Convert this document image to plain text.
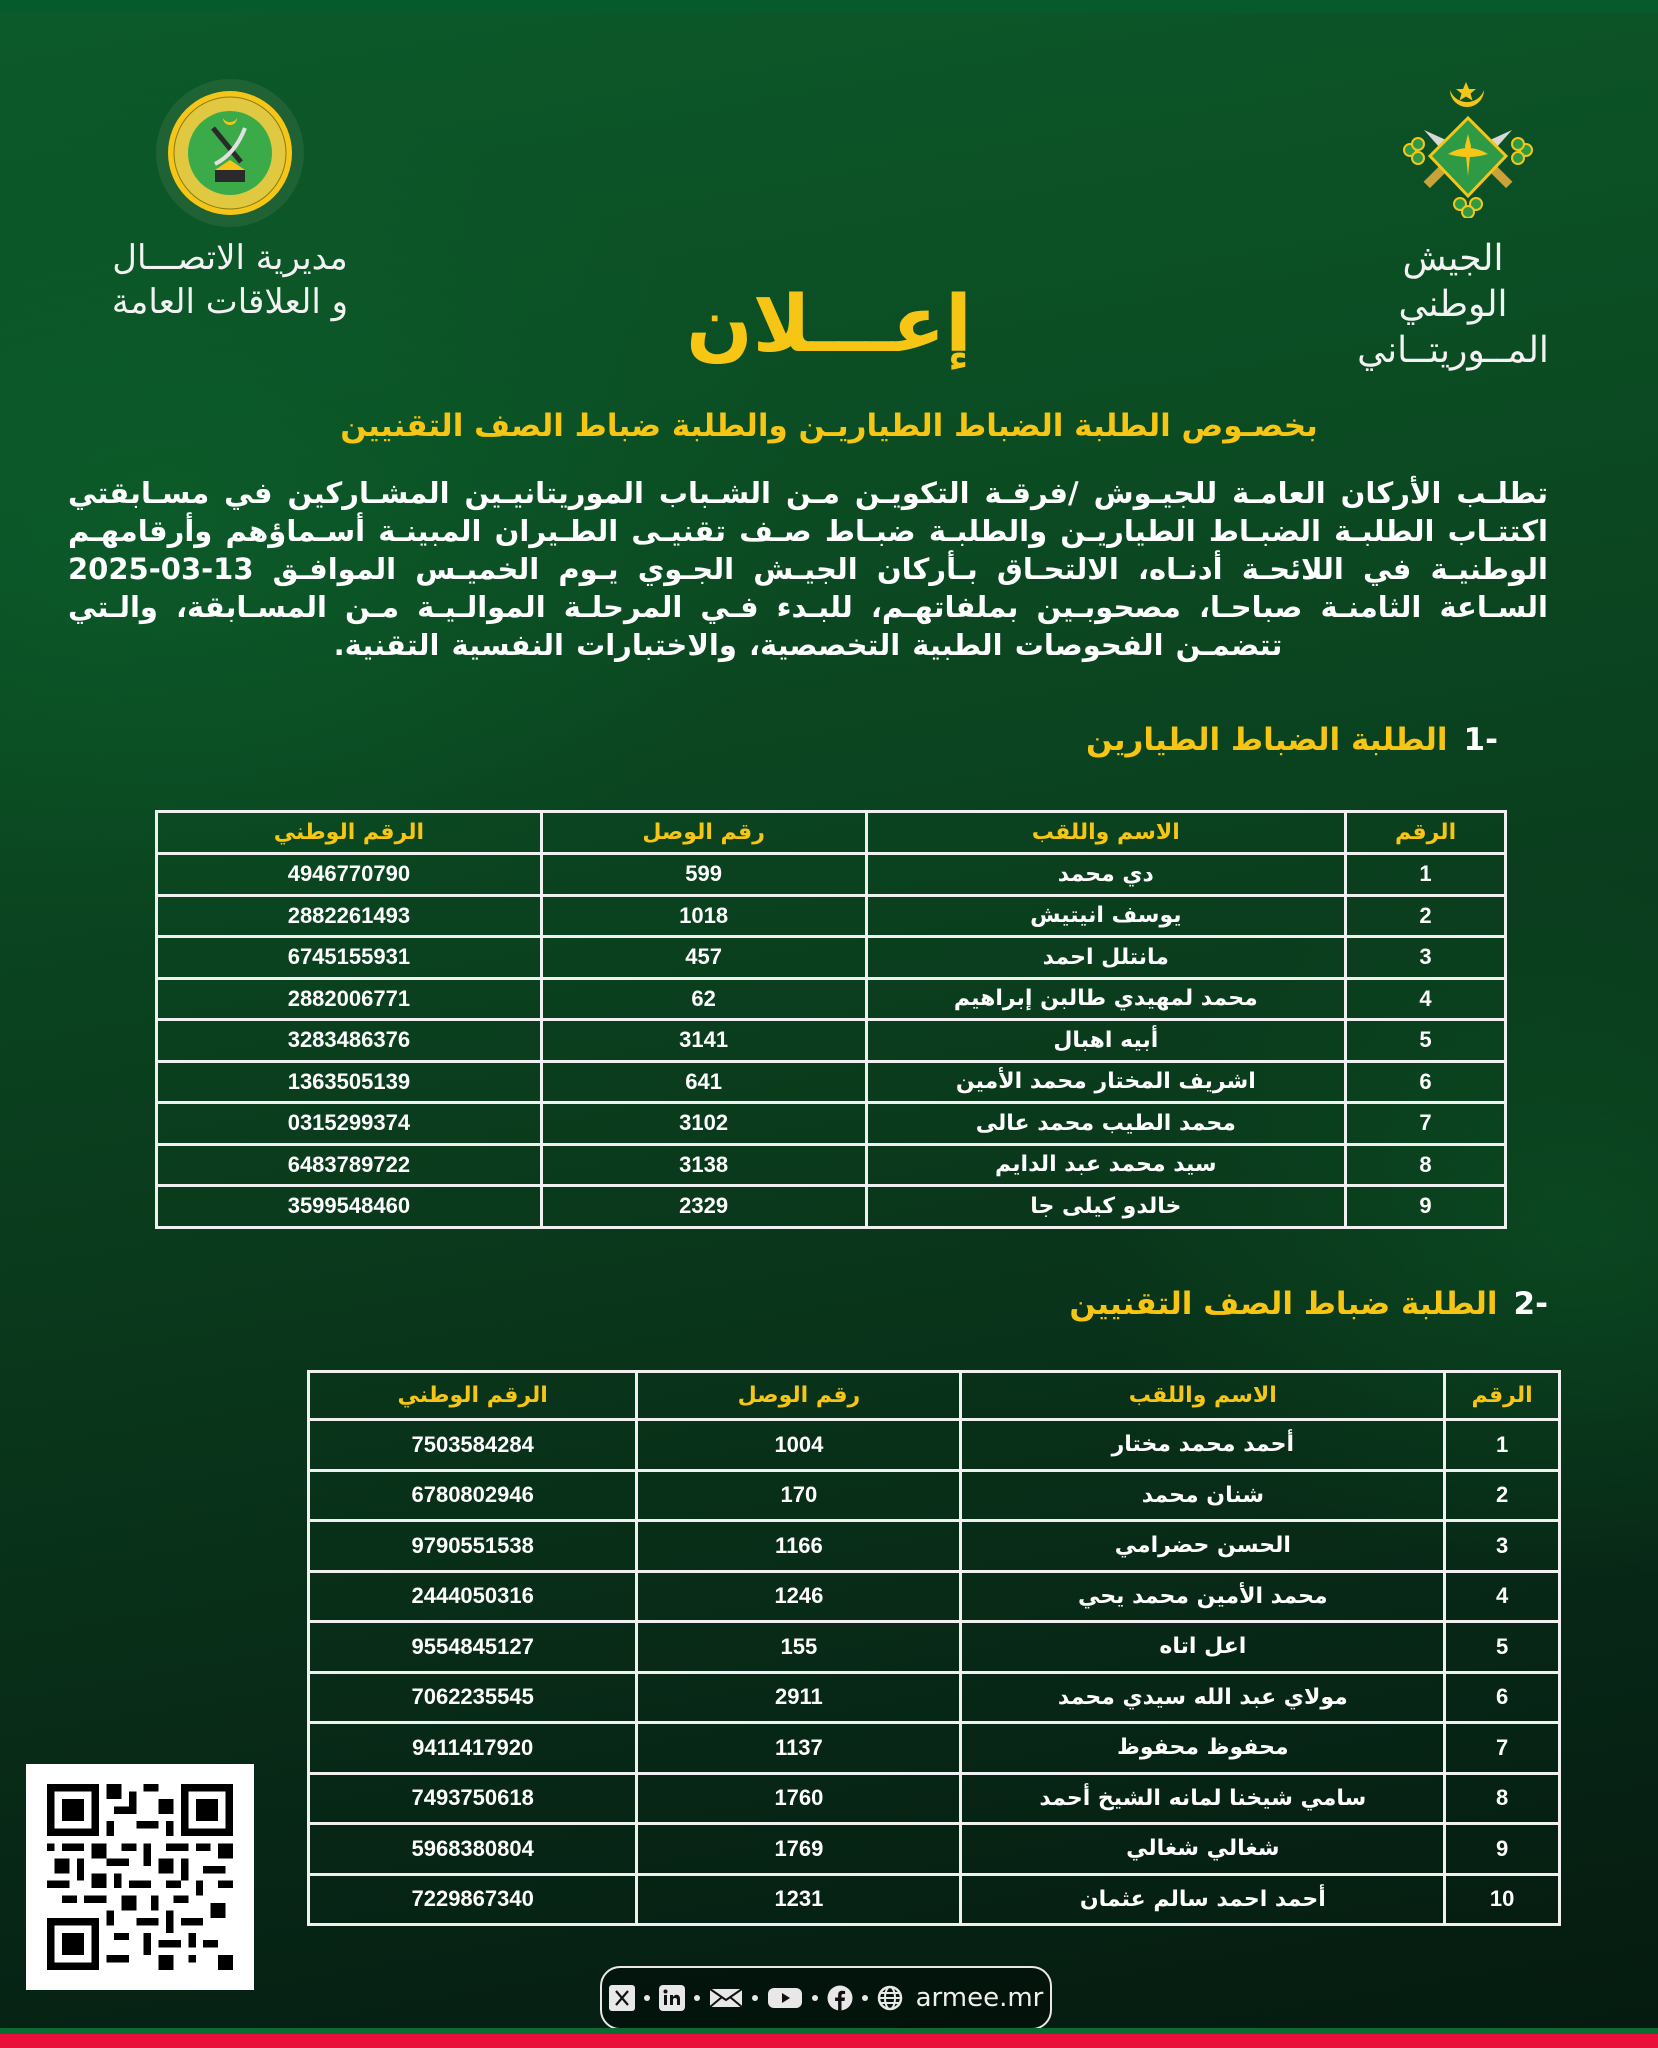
الجيش الوطني
المــوريتــاني
مديرية الاتصـــال
و العلاقات العامة	إعـــلان
بخصـوص الطلبة الضباط الطياريـن والطلبة ضباط الصف التقنيين

تطلـب الأركان العامـة للجيـوش /فرقـة التكويـن مـن الشـباب الموريتانيـين المشـاركين في مسـابقتي اكتتـاب الطلبـة الضبـاط الطياريـن والطلبـة ضبـاط صـف تقنيـى الطـيران المبينـة أسـماؤهم وأرقامهـم الوطنيـة في اللائحـة أدنـاه، الالتحـاق بـأركان الجيـش الجـوي يـوم الخميـس الموافـق 13-03-2025 السـاعة الثامنـة صباحـا، مصحوبـين بملفاتهـم، للبـدء فـي المرحلـة الموالـيـة مـن المسـابقة، والـتي تتضمـن الفحوصات الطبية التخصصية، والاختبارات النفسية التقنية.

-1
الطلبة الضباط الطيارين
الرقم	الاسم واللقب	رقم الوصل	الرقم الوطني
1	دي محمد	599	4946770790
2	يوسف انيتيش	1018	2882261493
3	مانتلل احمد	457	6745155931
4	محمد لمهيدي طالبن إبراهيم	62	2882006771
5	أبيه اهبال	3141	3283486376
6	اشريف المختار محمد الأمين	641	1363505139
7	محمد الطيب محمد عالى	3102	0315299374
8	سيد محمد عبد الدايم	3138	6483789722
9	خالدو كيلى جا	2329	3599548460
-2
الطلبة ضباط الصف التقنيين
الرقم	الاسم واللقب	رقم الوصل	الرقم الوطني
1	أحمد محمد مختار	1004	7503584284
2	شنان محمد	170	6780802946
3	الحسن حضرامي	1166	9790551538
4	محمد الأمين محمد يحي	1246	2444050316
5	اعل اتاه	155	9554845127
6	مولاي عبد الله سيدي محمد	2911	7062235545
7	محفوظ محفوظ	1137	9411417920
8	سامي شيخنا لمانه الشيخ أحمد	1760	7493750618
9	شغالي شغالي	1769	5968380804
10	أحمد احمد سالم عثمان	1231	7229867340
armee.mr
